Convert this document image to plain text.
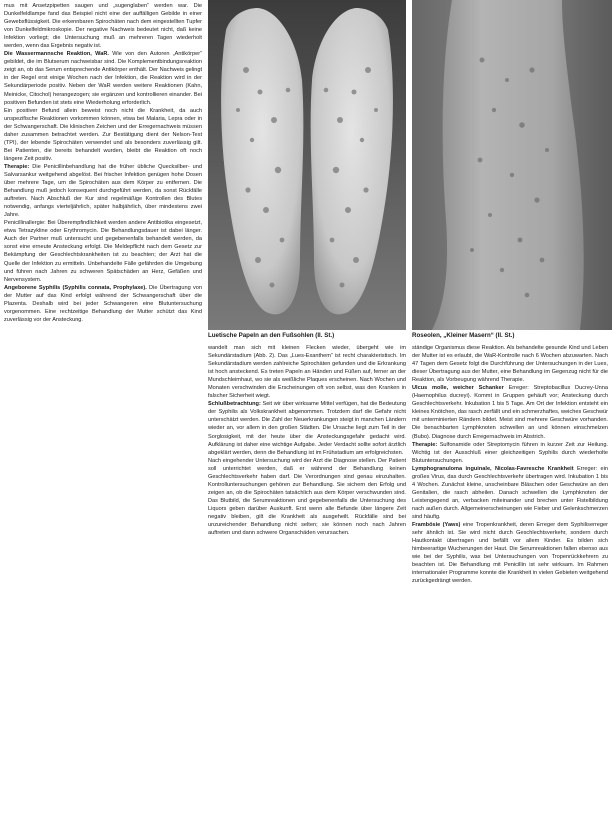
mus mit Ansetzpipetten saugen und „sugenglaben“ werden war. Die Dunkelfeldlampe fand das Beispiel nicht eine der auffälligen Gebilde in einer Gewebsflüssigkeit. Die erkennbaren Spirochäten nach dem eingestellten Tupfer von Dunkelfeldmikroskopie. Der negative Nachweis bedeutet nicht, daß keine Infektion vorliegt; die Untersuchung muß an mehreren Tagen wiederholt werden, wenn das Ergebnis negativ ist.

Die Wassermannsche Reaktion, WaR. Wie von den Autoren „Antikörper“ gebildet, die im Blutserum nachweisbar sind. Die Komplementbindungsreaktion zeigt an, ob das Serum entsprechende Antikörper enthält. Der Nachweis gelingt in der Regel erst einige Wochen nach der Infektion, die Reaktion wird in der Sekundärperiode positiv. Neben der WaR werden weitere Reaktionen (Kahn, Meinicke, Citochol) herangezogen; sie ergänzen und kontrollieren einander. Bei positiven Befunden ist stets eine Wiederholung erforderlich.

Ein positiver Befund allein beweist noch nicht die Krankheit, da auch unspezifische Reaktionen vorkommen können, etwa bei Malaria, Lepra oder in der Schwangerschaft. Die klinischen Zeichen und der Erregernachweis müssen daher zusammen betrachtet werden. Zur Bestätigung dient der Nelson-Test (TPI), der lebende Spirochäten verwendet und als besonders zuverlässig gilt. Bei Patienten, die bereits behandelt wurden, bleibt die Reaktion oft noch längere Zeit positiv.

Therapie: Die Penicillinbehandlung hat die früher übliche Quecksilber- und Salvarsankur weitgehend abgelöst. Bei frischer Infektion genügen hohe Dosen über mehrere Tage, um die Spirochäten aus dem Körper zu entfernen. Die Behandlung muß jedoch konsequent durchgeführt werden, da sonst Rückfälle auftreten. Nach Abschluß der Kur sind regelmäßige Kontrollen des Blutes notwendig, anfangs vierteljährlich, später halbjährlich, über mindestens zwei Jahre.

Penicillinallergie: Bei Überempfindlichkeit werden andere Antibiotika eingesetzt, etwa Tetrazykline oder Erythromycin. Die Behandlungsdauer ist dabei länger. Auch der Partner muß untersucht und gegebenenfalls behandelt werden, da sonst eine erneute Ansteckung erfolgt. Die Meldepflicht nach dem Gesetz zur Bekämpfung der Geschlechtskrankheiten ist zu beachten; der Arzt hat die Quelle der Infektion zu ermitteln. Unbehandelte Fälle gefährden die Umgebung und führen nach Jahren zu schweren Spätschäden an Herz, Gefäßen und Nervensystem.

Angeborene Syphilis (Syphilis connata, Prophylaxe). Die Übertragung von der Mutter auf das Kind erfolgt während der Schwangerschaft über die Plazenta. Deshalb wird bei jeder Schwangeren eine Blutuntersuchung vorgenommen. Eine rechtzeitige Behandlung der Mutter schützt das Kind zuverlässig vor der Ansteckung.

Luetische Papeln an den Fußsohlen (II. St.)	Roseolen, „Kleiner Masern“ (II. St.)

wandelt man sich mit kleinen Flecken wieder, übergeht wie im Sekundärstadium (Abb. 2). Das „Lues-Exanthem“ ist recht charakteristisch. Im Sekundärstadium werden zahlreiche Spirochäten gefunden und die Erkrankung ist hoch ansteckend. Es treten Papeln an Händen und Füßen auf, ferner an der Mundschleimhaut, wo sie als weißliche Plaques erscheinen. Nach Wochen und Monaten verschwinden die Erscheinungen oft von selbst, was den Kranken in falscher Sicherheit wiegt.

Schlußbetrachtung: Seit wir über wirksame Mittel verfügen, hat die Bedeutung der Syphilis als Volkskrankheit abgenommen. Trotzdem darf die Gefahr nicht unterschätzt werden. Die Zahl der Neuerkrankungen steigt in manchen Ländern wieder an, vor allem in den großen Städten. Die Ursache liegt zum Teil in der Sorglosigkeit, mit der heute über die Ansteckungsgefahr gedacht wird. Aufklärung ist daher eine wichtige Aufgabe. Jeder Verdacht sollte sofort ärztlich abgeklärt werden, denn die Behandlung ist im Frühstadium am erfolgreichsten.

Nach eingehender Untersuchung wird der Arzt die Diagnose stellen. Der Patient soll unterrichtet werden, daß er während der Behandlung keinen Geschlechtsverkehr haben darf. Die Verordnungen sind genau einzuhalten. Kontrolluntersuchungen gehören zur Behandlung. Sie sichern den Erfolg und zeigen an, ob die Spirochäten tatsächlich aus dem Körper verschwunden sind. Das Blutbild, die Serumreaktionen und gegebenenfalls die Untersuchung des Liquors geben darüber Auskunft. Erst wenn alle Befunde über längere Zeit negativ bleiben, gilt die Krankheit als ausgeheilt. Rückfälle sind bei unzureichender Behandlung nicht selten; sie können noch nach Jahren auftreten und dann schwere Organschäden verursachen.

ständige Organismus diese Reaktion. Als behandelte gesunde Kind und Leben der Mutter ist es erlaubt, die WaR-Kontrolle nach 6 Wochen abzuwarten. Nach 47 Tagen dem Gesetz folgt die Durchführung der Untersuchungen in der Lues, dieser Übertragung aus der Mutter, eine Behandlung im Gegenzug nicht für die Reaktion, als Vorbeugung während Therapie.

Ulcus molle, weicher Schanker Erreger: Streptobacillus Ducrey-Unna (Haemophilus ducreyi). Kommt in Gruppen gehäuft vor; Ansteckung durch Geschlechtsverkehr. Inkubation 1 bis 5 Tage. Am Ort der Infektion entsteht ein kleines Knötchen, das rasch zerfällt und ein schmerzhaftes, weiches Geschwür mit unterminierten Rändern bildet. Meist sind mehrere Geschwüre vorhanden. Die benachbarten Lymphknoten schwellen an und können einschmelzen (Bubo). Diagnose durch Erregernachweis im Abstrich.

Therapie: Sulfonamide oder Streptomycin führen in kurzer Zeit zur Heilung. Wichtig ist der Ausschluß einer gleichzeitigen Syphilis durch wiederholte Blutuntersuchungen.

Lymphogranuloma inguinale, Nicolas-Favresche Krankheit Erreger: ein großes Virus, das durch Geschlechtsverkehr übertragen wird. Inkubation 1 bis 4 Wochen. Zunächst kleine, unscheinbare Bläschen oder Geschwüre an den Genitalien, die rasch abheilen. Danach schwellen die Lymphknoten der Leistengegend an, verbacken miteinander und brechen unter Fistelbildung nach außen durch. Allgemeinerscheinungen wie Fieber und Gelenkschmerzen sind häufig.

Frambösie (Yaws) eine Tropenkrankheit, deren Erreger dem Syphiliserreger sehr ähnlich ist. Sie wird nicht durch Geschlechtsverkehr, sondern durch Hautkontakt übertragen und befällt vor allem Kinder. Es bilden sich himbeerartige Wucherungen der Haut. Die Serumreaktionen fallen ebenso aus wie bei der Syphilis, was bei Untersuchungen von Tropenrückkehrern zu beachten ist. Die Behandlung mit Penicillin ist sehr wirksam. Im Rahmen internationaler Programme konnte die Krankheit in vielen Gebieten weitgehend zurückgedrängt werden.
